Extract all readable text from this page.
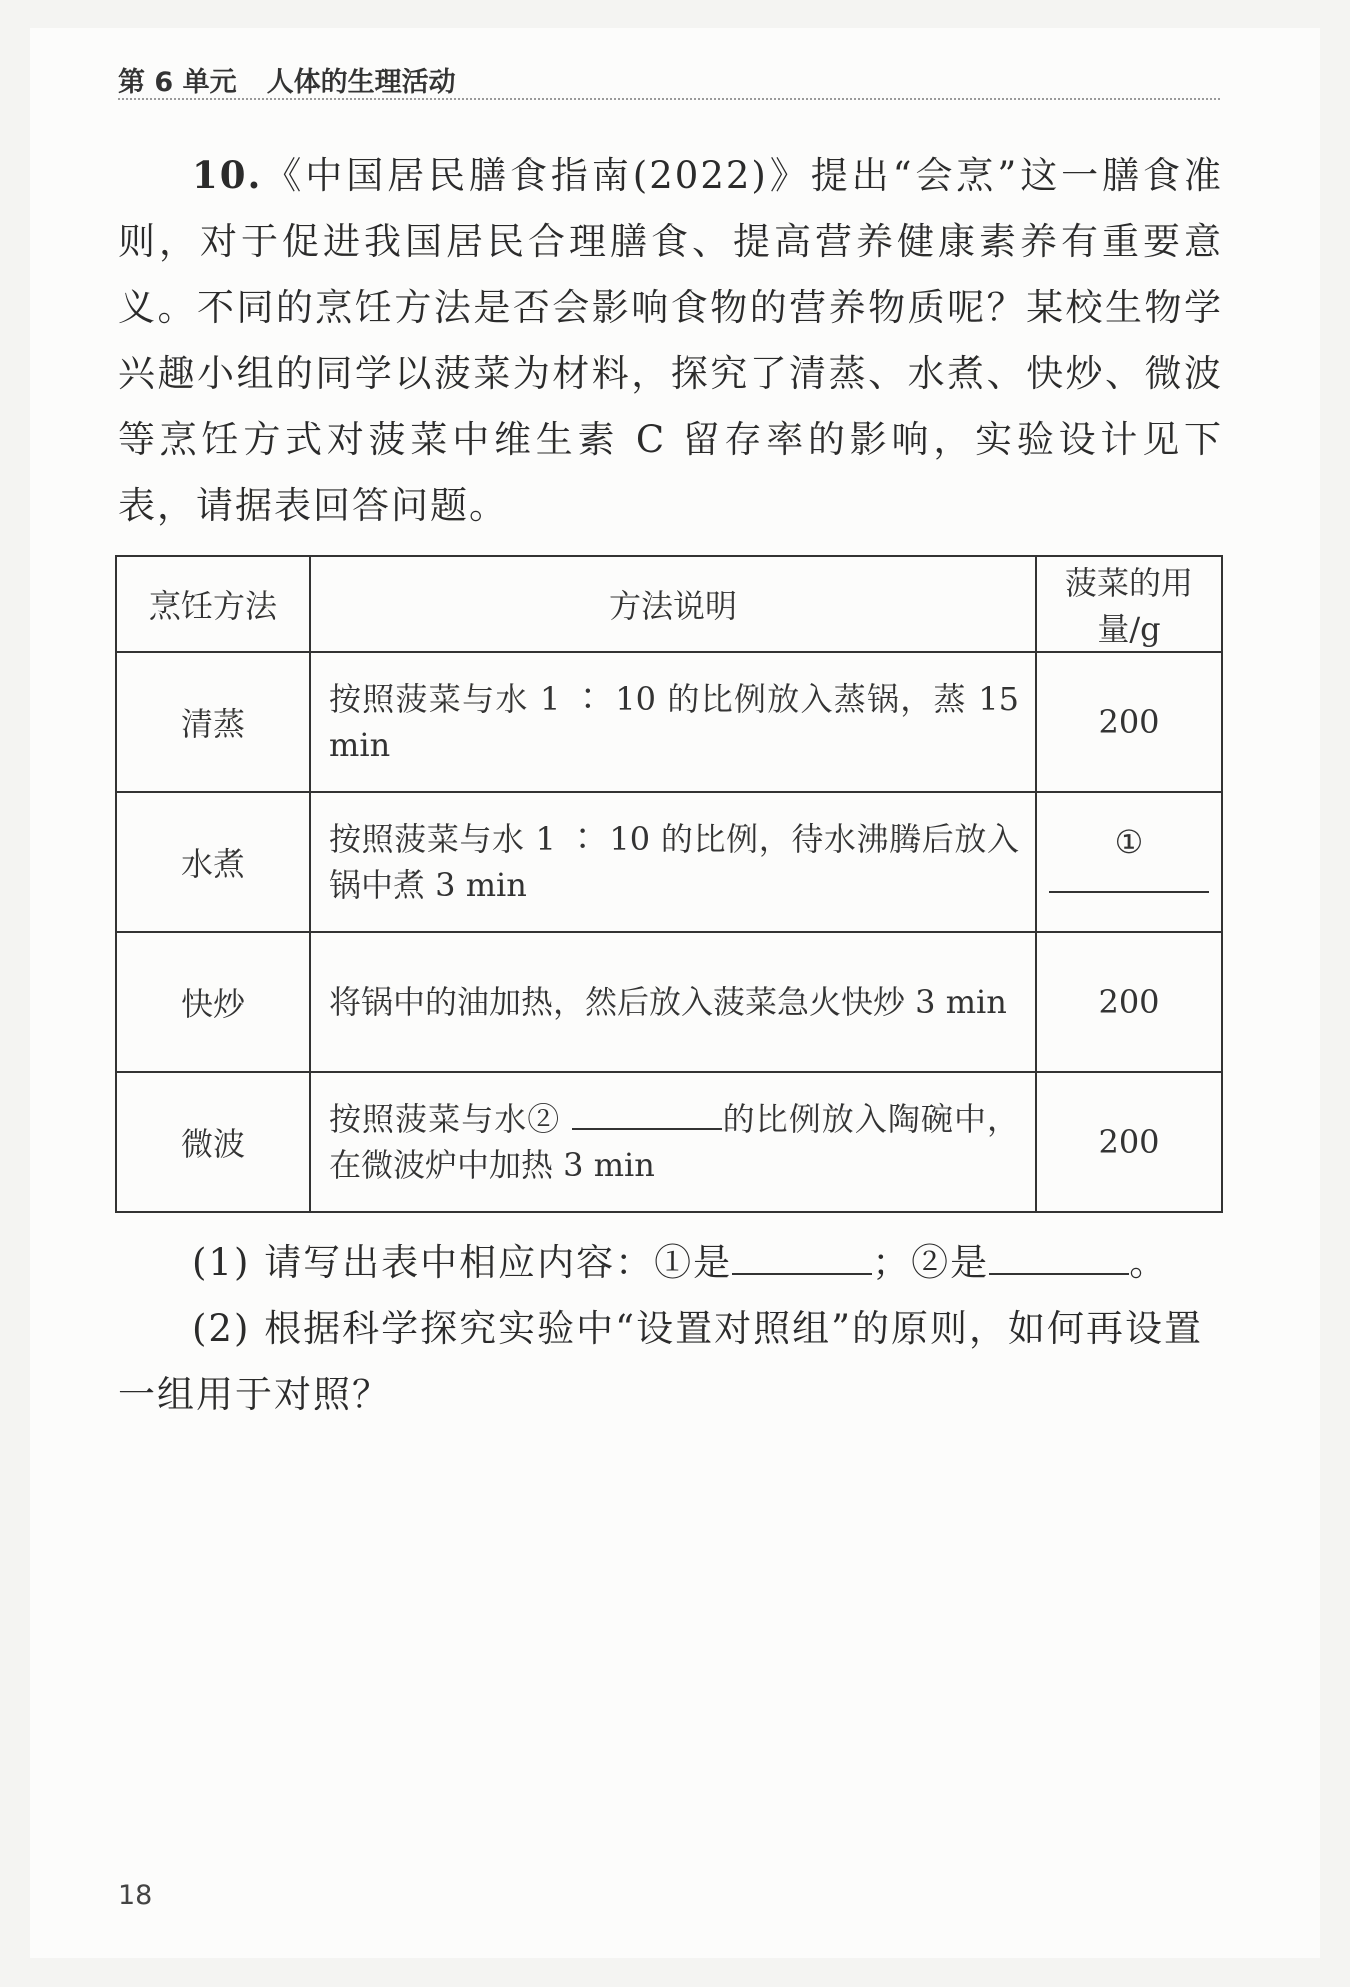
第 6 单元 人体的生理活动
10.《中国居民膳食指南(2022)》提出“会烹”这一膳食准则，对于促进我国居民合理膳食、提高营养健康素养有重要意义。不同的烹饪方法是否会影响食物的营养物质呢？某校生物学兴趣小组的同学以菠菜为材料，探究了清蒸、水煮、快炒、微波等烹饪方式对菠菜中维生素 C 留存率的影响，实验设计见下表，请据表回答问题。
烹饪方法	方法说明	菠菜的用量/g
清蒸	按照菠菜与水 1 ∶ 10 的比例放入蒸锅，蒸 15 min	200
水煮	按照菠菜与水 1 ∶ 10 的比例，待水沸腾后放入锅中煮 3 min	①
快炒	将锅中的油加热，然后放入菠菜急火快炒 3 min	200
微波	按照菠菜与水② 的比例放入陶碗中，在微波炉中加热 3 min	200
(1) 请写出表中相应内容：①是	；②是	。
(2) 根据科学探究实验中“设置对照组”的原则，如何再设置一组用于对照？
18
